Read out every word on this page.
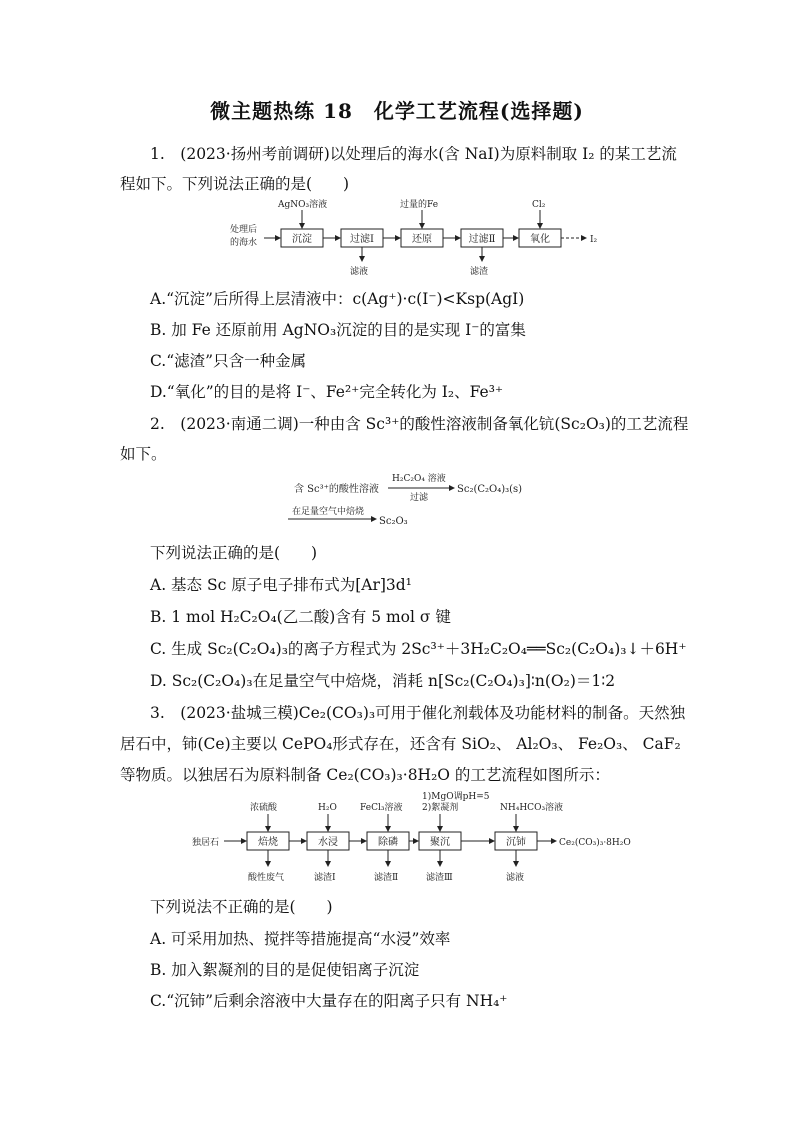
微主题热练 18　化学工艺流程(选择题)
1.　(2023·扬州考前调研)以处理后的海水(含 NaI)为原料制取 I₂ 的某工艺流
程如下。下列说法正确的是(　　)
处理后
的海水	沉淀	过滤Ⅰ	还原	过滤Ⅱ	氧化	I₂
AgNO₃溶液	过量的Fe	Cl₂
滤液	滤渣
A.“沉淀”后所得上层清液中：c(Ag⁺)·c(I⁻)<Ksp(AgI)
B. 加 Fe 还原前用 AgNO₃沉淀的目的是实现 I⁻的富集
C.“滤渣”只含一种金属
D.“氧化”的目的是将 I⁻、Fe²⁺完全转化为 I₂、Fe³⁺
2.　(2023·南通二调)一种由含 Sc³⁺的酸性溶液制备氧化钪(Sc₂O₃)的工艺流程
如下。
含 Sc³⁺的酸性溶液
H₂C₂O₄ 溶液
过滤
Sc₂(C₂O₄)₃(s)
在足量空气中焙烧
Sc₂O₃
下列说法正确的是(　　)
A. 基态 Sc 原子电子排布式为[Ar]3d¹
B. 1 mol H₂C₂O₄(乙二酸)含有 5 mol σ 键
C. 生成 Sc₂(C₂O₄)₃的离子方程式为 2Sc³⁺＋3H₂C₂O₄══Sc₂(C₂O₄)₃↓＋6H⁺
D. Sc₂(C₂O₄)₃在足量空气中焙烧，消耗 n[Sc₂(C₂O₄)₃]∶n(O₂)＝1∶2
3.　(2023·盐城三模)Ce₂(CO₃)₃可用于催化剂载体及功能材料的制备。天然独
居石中，铈(Ce)主要以 CePO₄形式存在，还含有 SiO₂、 Al₂O₃、 Fe₂O₃、 CaF₂
等物质。以独居石为原料制备 Ce₂(CO₃)₃·8H₂O 的工艺流程如图所示：
独居石	焙烧	水浸	除磷	聚沉	沉铈	Ce₂(CO₃)₃·8H₂O
浓硫酸	H₂O	FeCl₃溶液
1)MgO调pH=5
2)絮凝剂	NH₄HCO₃溶液
酸性废气	滤渣Ⅰ	滤渣Ⅱ	滤渣Ⅲ	滤液
下列说法不正确的是(　　)
A. 可采用加热、搅拌等措施提高“水浸”效率
B. 加入絮凝剂的目的是促使铝离子沉淀
C.“沉铈”后剩余溶液中大量存在的阳离子只有 NH₄⁺
